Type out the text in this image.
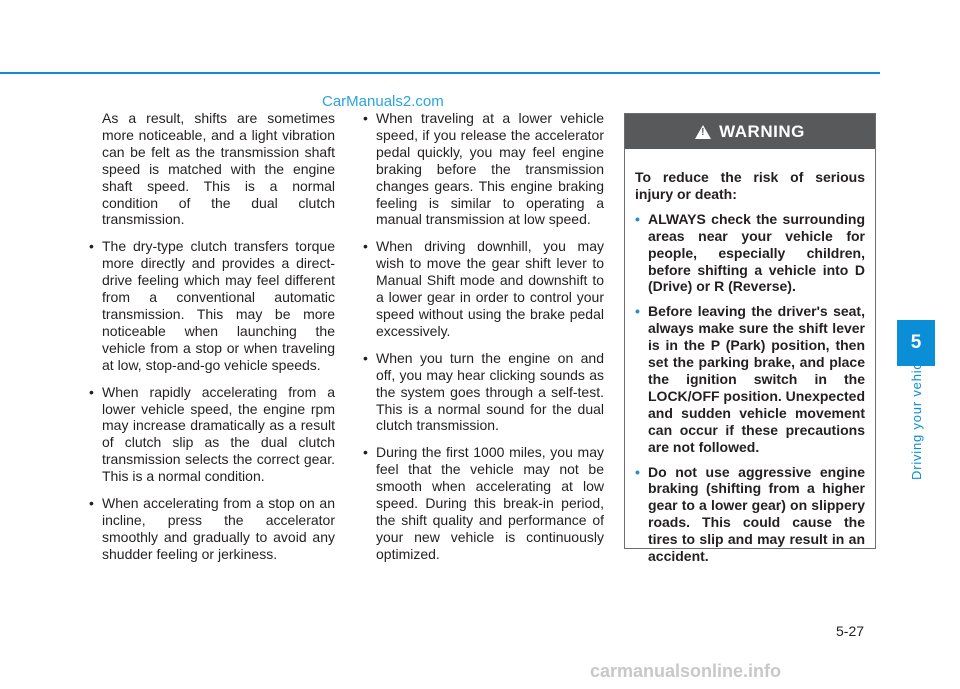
CarManuals2.com

As a result, shifts are sometimes more noticeable, and a light vibration can be felt as the transmission shaft speed is matched with the engine shaft speed. This is a normal condition of the dual clutch transmission.

• The dry-type clutch transfers torque more directly and provides a direct-drive feeling which may feel different from a conventional automatic transmission. This may be more noticeable when launching the vehicle from a stop or when traveling at low, stop-and-go vehicle speeds.

• When rapidly accelerating from a lower vehicle speed, the engine rpm may increase dramatically as a result of clutch slip as the dual clutch transmission selects the correct gear. This is a normal condition.

• When accelerating from a stop on an incline, press the accelerator smoothly and gradually to avoid any shudder feeling or jerkiness.

• When traveling at a lower vehicle speed, if you release the accelerator pedal quickly, you may feel engine braking before the transmission changes gears. This engine braking feeling is similar to operating a manual transmission at low speed.

• When driving downhill, you may wish to move the gear shift lever to Manual Shift mode and downshift to a lower gear in order to control your speed without using the brake pedal excessively.

• When you turn the engine on and off, you may hear clicking sounds as the system goes through a self-test. This is a normal sound for the dual clutch transmission.

• During the first 1000 miles, you may feel that the vehicle may not be smooth when accelerating at low speed. During this break-in period, the shift quality and performance of your new vehicle is continuously optimized.

! WARNING

To reduce the risk of serious injury or death:

• ALWAYS check the surrounding areas near your vehicle for people, especially children, before shifting a vehicle into D (Drive) or R (Reverse).

• Before leaving the driver's seat, always make sure the shift lever is in the P (Park) position, then set the parking brake, and place the ignition switch in the LOCK/OFF position. Unexpected and sudden vehicle movement can occur if these precautions are not followed.

• Do not use aggressive engine braking (shifting from a higher gear to a lower gear) on slippery roads. This could cause the tires to slip and may result in an accident.

5
Driving your vehicle
5-27
carmanualsonline.info
